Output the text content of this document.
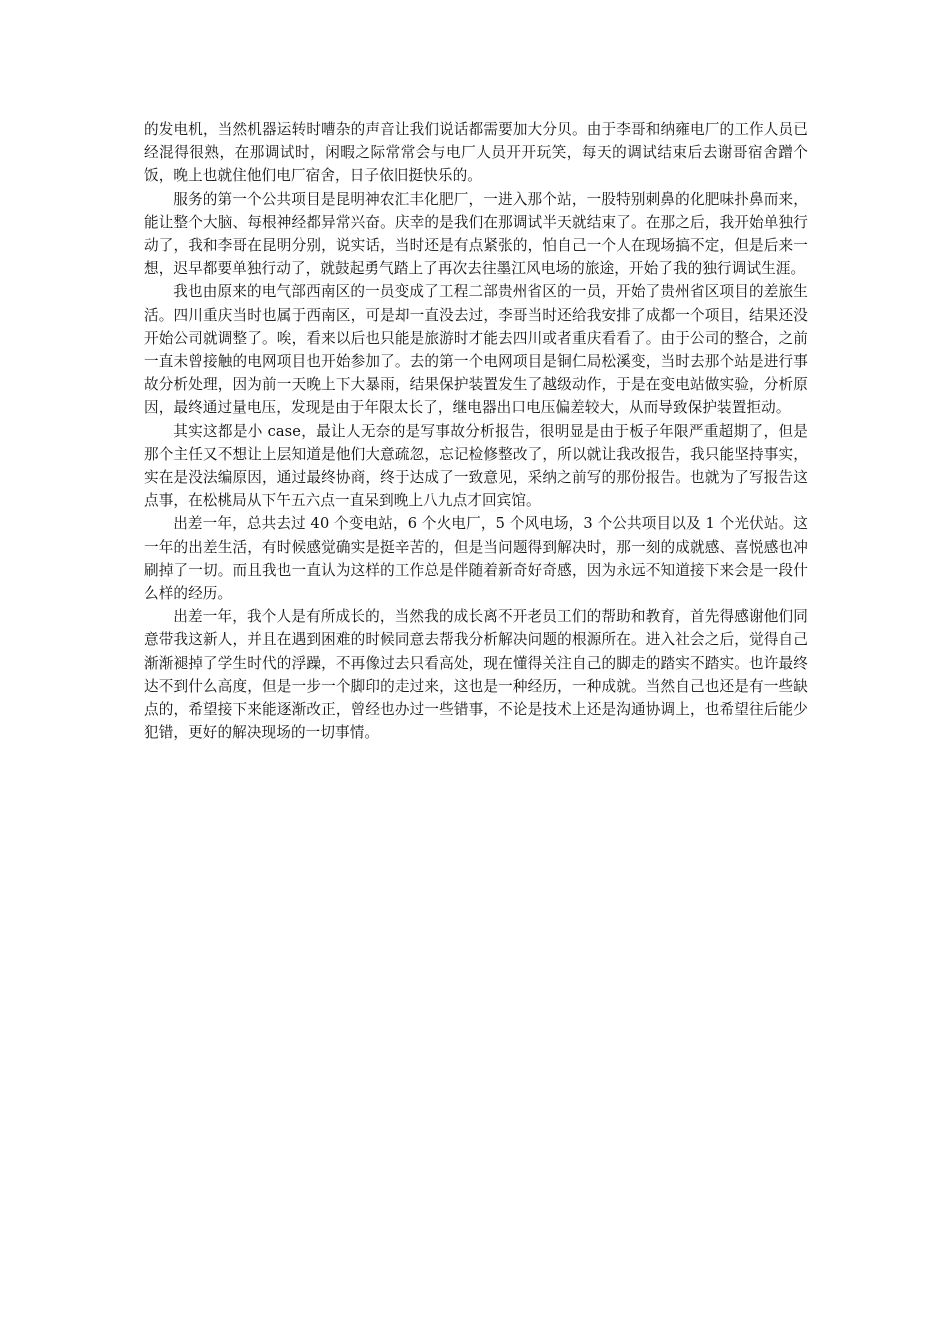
的发电机，当然机器运转时嘈杂的声音让我们说话都需要加大分贝。由于李哥和纳雍电厂的工作人员已经混得很熟，在那调试时，闲暇之际常常会与电厂人员开开玩笑，每天的调试结束后去谢哥宿舍蹭个饭，晚上也就住他们电厂宿舍，日子依旧挺快乐的。

服务的第一个公共项目是昆明神农汇丰化肥厂，一进入那个站，一股特别刺鼻的化肥味扑鼻而来，能让整个大脑、每根神经都异常兴奋。庆幸的是我们在那调试半天就结束了。在那之后，我开始单独行动了，我和李哥在昆明分别，说实话，当时还是有点紧张的，怕自己一个人在现场搞不定，但是后来一想，迟早都要单独行动了，就鼓起勇气踏上了再次去往墨江风电场的旅途，开始了我的独行调试生涯。

我也由原来的电气部西南区的一员变成了工程二部贵州省区的一员，开始了贵州省区项目的差旅生活。四川重庆当时也属于西南区，可是却一直没去过，李哥当时还给我安排了成都一个项目，结果还没开始公司就调整了。唉，看来以后也只能是旅游时才能去四川或者重庆看看了。由于公司的整合，之前一直未曾接触的电网项目也开始参加了。去的第一个电网项目是铜仁局松溪变，当时去那个站是进行事故分析处理，因为前一天晚上下大暴雨，结果保护装置发生了越级动作，于是在变电站做实验，分析原因，最终通过量电压，发现是由于年限太长了，继电器出口电压偏差较大，从而导致保护装置拒动。

其实这都是小 case，最让人无奈的是写事故分析报告，很明显是由于板子年限严重超期了，但是那个主任又不想让上层知道是他们大意疏忽，忘记检修整改了，所以就让我改报告，我只能坚持事实，实在是没法编原因，通过最终协商，终于达成了一致意见，采纳之前写的那份报告。也就为了写报告这点事，在松桃局从下午五六点一直呆到晚上八九点才回宾馆。

出差一年，总共去过 40 个变电站，6 个火电厂，5 个风电场，3 个公共项目以及 1 个光伏站。这一年的出差生活，有时候感觉确实是挺辛苦的，但是当问题得到解决时，那一刻的成就感、喜悦感也冲刷掉了一切。而且我也一直认为这样的工作总是伴随着新奇好奇感，因为永远不知道接下来会是一段什么样的经历。

出差一年，我个人是有所成长的，当然我的成长离不开老员工们的帮助和教育，首先得感谢他们同意带我这新人，并且在遇到困难的时候同意去帮我分析解决问题的根源所在。进入社会之后，觉得自己渐渐褪掉了学生时代的浮躁，不再像过去只看高处，现在懂得关注自己的脚走的踏实不踏实。也许最终达不到什么高度，但是一步一个脚印的走过来，这也是一种经历，一种成就。当然自己也还是有一些缺点的，希望接下来能逐渐改正，曾经也办过一些错事，不论是技术上还是沟通协调上，也希望往后能少犯错，更好的解决现场的一切事情。
